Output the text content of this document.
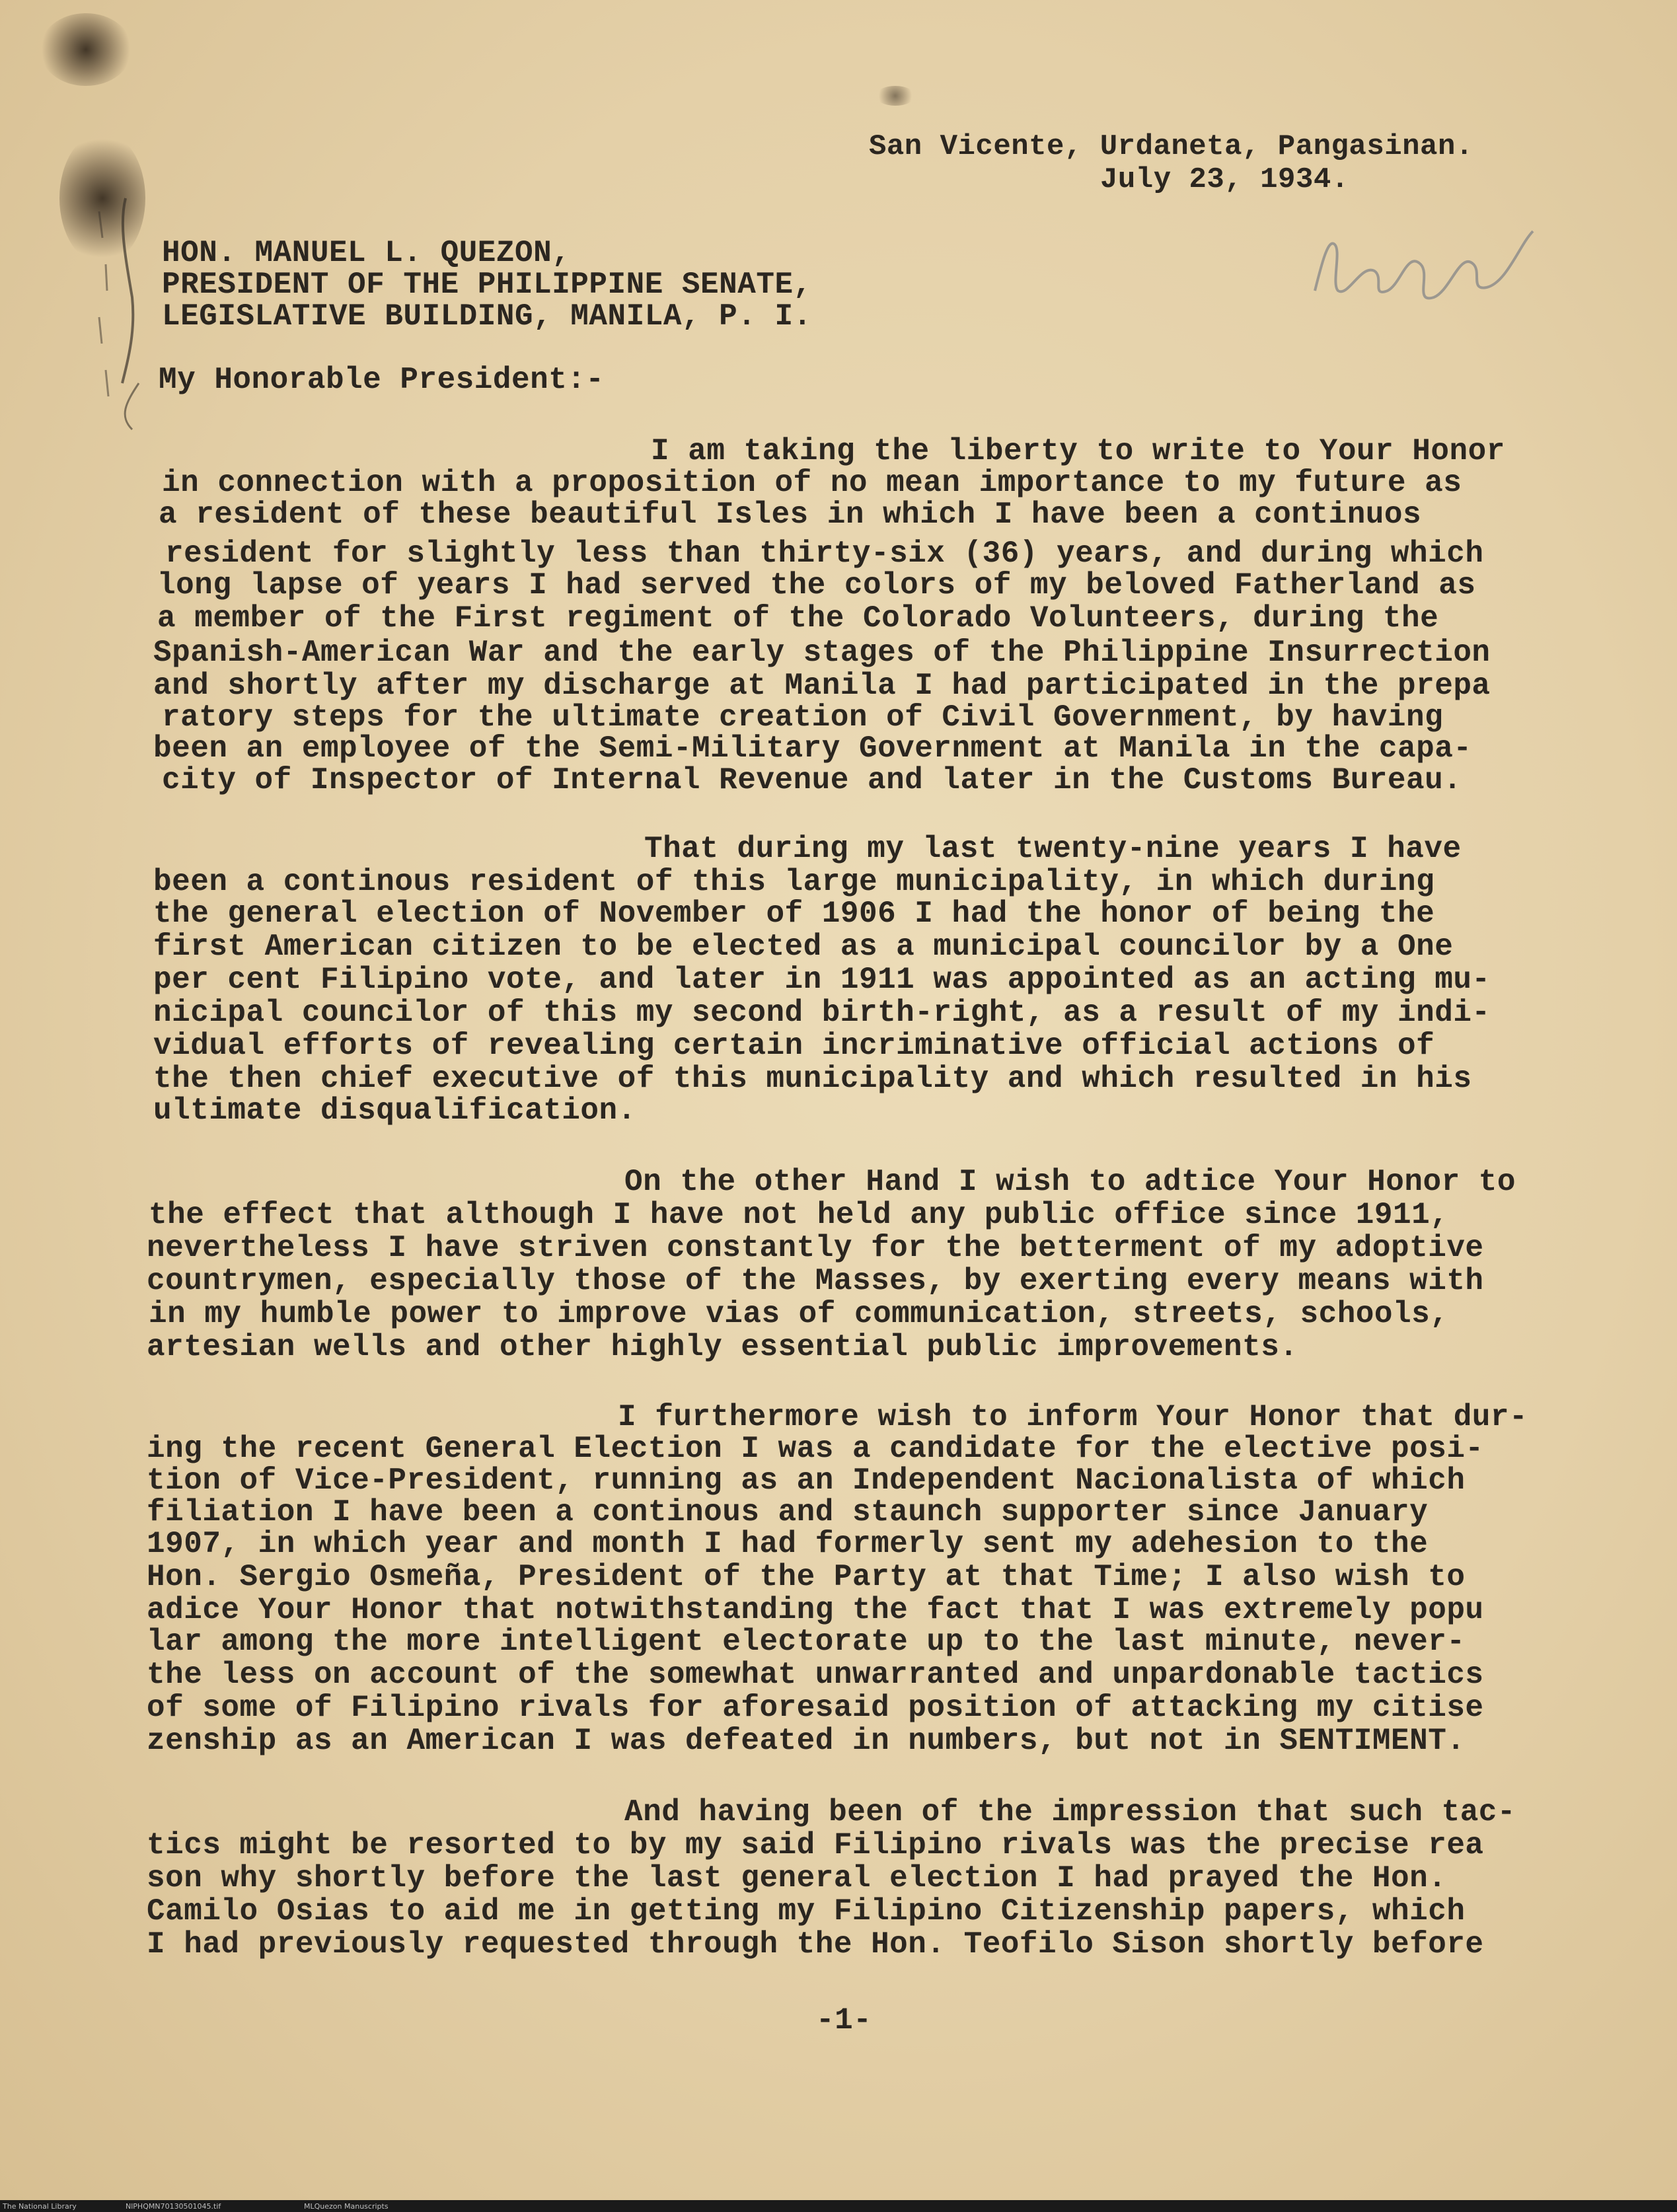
San Vicente, Urdaneta, Pangasinan.
July 23, 1934.
HON. MANUEL L. QUEZON,
PRESIDENT OF THE PHILIPPINE SENATE,
LEGISLATIVE BUILDING, MANILA, P. I.
My Honorable President:-
I am taking the liberty to write to Your Honor
in connection with a proposition of no mean importance to my future as
a resident of these beautiful Isles in which I have been a continuos
resident for slightly less than thirty-six (36) years, and during which
long lapse of years I had served the colors of my beloved Fatherland as
a member of the First regiment of the Colorado Volunteers, during the
Spanish-American War and the early stages of the Philippine Insurrection
and shortly after my discharge at Manila I had participated in the prepa
ratory steps for the ultimate creation of Civil Government, by having
been an employee of the Semi-Military Government at Manila in the capa-
city of Inspector of Internal Revenue and later in the Customs Bureau.
That during my last twenty-nine years I have
been a continous resident of this large municipality, in which during
the general election of November of 1906 I had the honor of being the
first American citizen to be elected as a municipal councilor by a One
per cent Filipino vote, and later in 1911 was appointed as an acting mu-
nicipal councilor of this my second birth-right, as a result of my indi-
vidual efforts of revealing certain incriminative official actions of
the then chief executive of this municipality and which resulted in his
ultimate disqualification.
On the other Hand I wish to adtice Your Honor to
the effect that although I have not held any public office since 1911,
nevertheless I have striven constantly for the betterment of my adoptive
countrymen, especially those of the Masses, by exerting every means with
in my humble power to improve vias of communication, streets, schools,
artesian wells and other highly essential public improvements.
I furthermore wish to inform Your Honor that dur-
ing the recent General Election I was a candidate for the elective posi-
tion of Vice-President, running as an Independent Nacionalista of which
filiation I have been a continous and staunch supporter since January
1907, in which year and month I had formerly sent my adehesion to the
Hon. Sergio Osmeña, President of the Party at that Time; I also wish to
adice Your Honor that notwithstanding the fact that I was extremely popu
lar among the more intelligent electorate up to the last minute, never-
the less on account of the somewhat unwarranted and unpardonable tactics
of some of Filipino rivals for aforesaid position of attacking my citise
zenship as an American I was defeated in numbers, but not in SENTIMENT.
And having been of the impression that such tac-
tics might be resorted to by my said Filipino rivals was the precise rea
son why shortly before the last general election I had prayed the Hon.
Camilo Osias to aid me in getting my Filipino Citizenship papers, which
I had previously requested through the Hon. Teofilo Sison shortly before
-1-
The National Library	NlPHQMN70130501045.tif	MLQuezon Manuscripts
